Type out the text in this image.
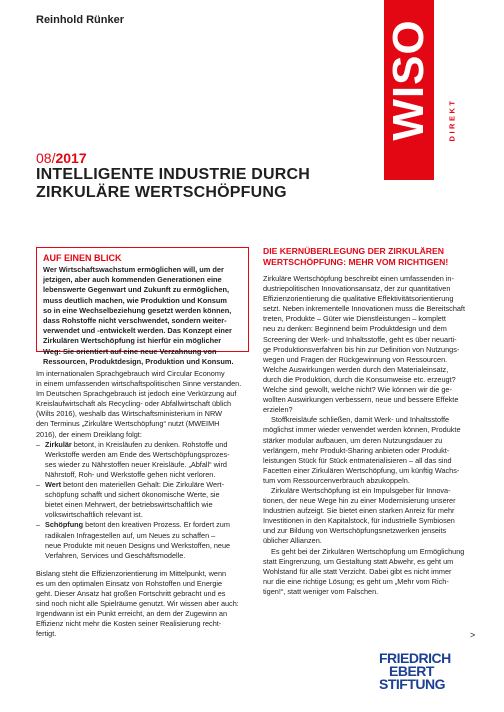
Reinhold Rünker	WISO DIREKT
08/2017
INTELLIGENTE INDUSTRIE DURCH
ZIRKULÄRE WERTSCHÖPFUNG
AUF EINEN BLICK
Wer Wirtschaftswachstum ermöglichen will, um der
jetzigen, aber auch kommenden Generationen eine
lebenswerte Gegenwart und Zukunft zu ermöglichen,
muss deutlich machen, wie Produktion und Konsum
so in eine Wechselbeziehung gesetzt werden können,
dass Rohstoffe nicht verschwendet, sondern weiter-
verwendet und -entwickelt werden. Das Konzept einer
Zirkulären Wertschöpfung ist hierfür ein möglicher
Weg: Sie orientiert auf eine neue Verzahnung von
Ressourcen, Produktdesign, Produktion und Konsum.
Im internationalen Sprachgebrauch wird Circular Economy
in einem umfassenden wirtschaftspolitischen Sinne verstanden.
Im Deutschen Sprachgebrauch ist jedoch eine Verkürzung auf
Kreislaufwirtschaft als Recycling- oder Abfallwirtschaft üblich
(Wilts 2016), weshalb das Wirtschaftsministerium in NRW
den Terminus „Zirkuläre Wertschöpfung“ nutzt (MWEIMH
2016), der einem Dreiklang folgt:
– Zirkulär betont, in Kreisläufen zu denken. Rohstoffe und
Werkstoffe werden am Ende des Wertschöpfungsprozes-
ses wieder zu Nährstoffen neuer Kreisläufe. „Abfall“ wird
Nährstoff, Roh- und Werkstoffe gehen nicht verloren.
– Wert betont den materiellen Gehalt: Die Zirkuläre Wert-
schöpfung schafft und sichert ökonomische Werte, sie
bietet einen Mehrwert, der betriebswirtschaftlich wie
volkswirtschaftlich relevant ist.
– Schöpfung betont den kreativen Prozess. Er fordert zum
radikalen Infragestellen auf, um Neues zu schaffen –
neue Produkte mit neuen Designs und Werkstoffen, neue
Verfahren, Services und Geschäftsmodelle.
Bislang steht die Effizienzorientierung im Mittelpunkt, wenn
es um den optimalen Einsatz von Rohstoffen und Energie
geht. Dieser Ansatz hat großen Fortschritt gebracht und es
sind noch nicht alle Spielräume genutzt. Wir wissen aber auch:
Irgendwann ist ein Punkt erreicht, an dem der Zugewinn an
Effizienz nicht mehr die Kosten seiner Realisierung recht-
fertigt.
DIE KERNÜBERLEGUNG DER ZIRKULÄREN
WERTSCHÖPFUNG: MEHR VOM RICHTIGEN!
Zirkuläre Wertschöpfung beschreibt einen umfassenden in-
dustriepolitischen Innovationsansatz, der zur quantitativen
Effizienzorientierung die qualitative Effektivitätsorientierung
setzt. Neben inkrementelle Innovationen muss die Bereitschaft
treten, Produkte – Güter wie Dienstleistungen – komplett
neu zu denken: Beginnend beim Produktdesign und dem
Screening der Werk- und Inhaltsstoffe, geht es über neuarti-
ge Produktionsverfahren bis hin zur Definition von Nutzungs-
wegen und Fragen der Rückgewinnung von Ressourcen.
Welche Auswirkungen werden durch den Materialeinsatz,
durch die Produktion, durch die Konsumweise etc. erzeugt?
Welche sind gewollt, welche nicht? Wie können wir die ge-
wollten Auswirkungen verbessern, neue und bessere Effekte
erzielen?
Stoffkreisläufe schließen, damit Werk- und Inhaltsstoffe
möglichst immer wieder verwendet werden können, Produkte
stärker modular aufbauen, um deren Nutzungsdauer zu
verlängern, mehr Produkt-Sharing anbieten oder Produkt-
leistungen Stück für Stück entmaterialisieren – all das sind
Facetten einer Zirkulären Wertschöpfung, um künftig Wachs-
tum vom Ressourcenverbrauch abzukoppeln.
Zirkuläre Wertschöpfung ist ein Impulsgeber für Innova-
tionen, der neue Wege hin zu einer Modernisierung unserer
Industrien aufzeigt. Sie bietet einen starken Anreiz für mehr
Investitionen in den Kapitalstock, für industrielle Symbiosen
und zur Bildung von Wertschöpfungsnetzwerken jenseits
üblicher Allianzen.
Es geht bei der Zirkulären Wertschöpfung um Ermöglichung
statt Eingrenzung, um Gestaltung statt Abwehr, es geht um
Wohlstand für alle statt Verzicht. Dabei gibt es nicht immer
nur die eine richtige Lösung; es geht um „Mehr vom Rich-
tigen!“, statt weniger vom Falschen.
>
FRIEDRICH
EBERT
STIFTUNG
